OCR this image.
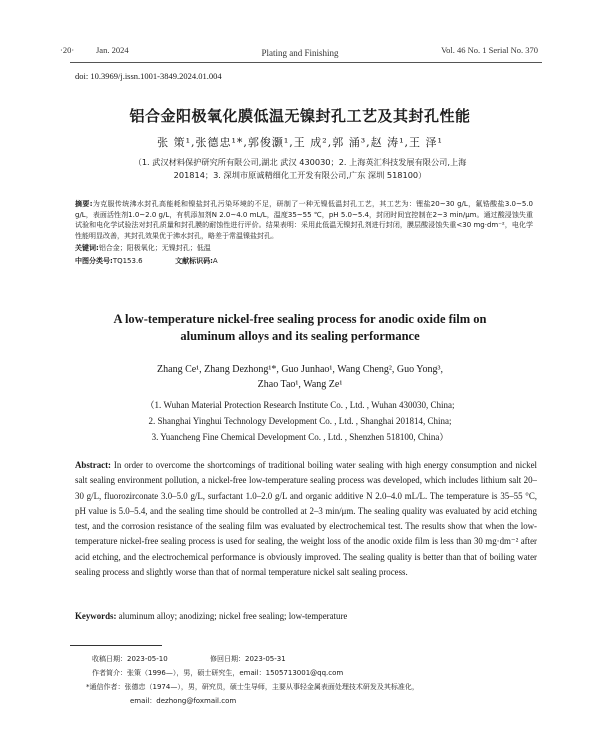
·20·	Jan. 2024	Plating and Finishing	Vol. 46 No. 1 Serial No. 370
doi: 10.3969/j.issn.1001-3849.2024.01.004
铝合金阳极氧化膜低温无镍封孔工艺及其封孔性能
张 策¹,张德忠¹*,郭俊灏¹,王 成²,郭 涌³,赵 涛¹,王 泽¹
（1. 武汉材料保护研究所有限公司,湖北 武汉 430030；2. 上海英汇科技发展有限公司,上海
201814；3. 深圳市原诚精细化工开发有限公司,广东 深圳 518100）
摘要:为克服传统沸水封孔高能耗和镍盐封孔污染环境的不足，研制了一种无镍低温封孔工艺，其工艺为：锂盐20~30 g/L，氟锆酸盐3.0~5.0 g/L，表面活性剂1.0~2.0 g/L，有机添加剂N 2.0~4.0 mL/L，温度35~55 ℃，pH 5.0~5.4，封闭时间宜控制在2~3 min/μm。通过酸浸蚀失重试验和电化学试验法对封孔质量和封孔膜的耐蚀性进行评价。结果表明：采用此低温无镍封孔剂进行封闭，膜层酸浸蚀失重<30 mg·dm⁻²，电化学性能明显改善，其封孔效果优于沸水封孔，略差于常温镍盐封孔。
关键词:铝合金；阳极氧化；无镍封孔；低温
中图分类号:TQ153.6	文献标识码:A
A low-temperature nickel-free sealing process for anodic oxide film on
aluminum alloys and its sealing performance
Zhang Ce¹, Zhang Dezhong¹*, Guo Junhao¹, Wang Cheng², Guo Yong³,
Zhao Tao¹, Wang Ze¹
（1. Wuhan Material Protection Research Institute Co. , Ltd. , Wuhan 430030, China;
2. Shanghai Yinghui Technology Development Co. , Ltd. , Shanghai 201814, China;
3. Yuancheng Fine Chemical Development Co. , Ltd. , Shenzhen 518100, China）
Abstract: In order to overcome the shortcomings of traditional boiling water sealing with high energy consumption and nickel salt sealing environment pollution, a nickel-free low-temperature sealing process was developed, which includes lithium salt 20–30 g/L, fluorozirconate 3.0–5.0 g/L, surfactant 1.0–2.0 g/L and organic additive N 2.0–4.0 mL/L. The temperature is 35–55 °C, pH value is 5.0–5.4, and the sealing time should be controlled at 2–3 min/μm. The sealing quality was evaluated by acid etching test, and the corrosion resistance of the sealing film was evaluated by electrochemical test. The results show that when the low-temperature nickel-free sealing process is used for sealing, the weight loss of the anodic oxide film is less than 30 mg·dm⁻² after acid etching, and the electrochemical performance is obviously improved. The sealing quality is better than that of boiling water sealing process and slightly worse than that of normal temperature nickel salt sealing process.
Keywords: aluminum alloy; anodizing; nickel free sealing; low-temperature
收稿日期：2023-05-10	修回日期：2023-05-31
作者简介：张策（1996—），男，硕士研究生，email：1505713001@qq.com
*通信作者：张德忠（1974—），男，研究员，硕士生导师，主要从事轻金属表面处理技术研发及其标准化，
email：dezhong@foxmail.com
